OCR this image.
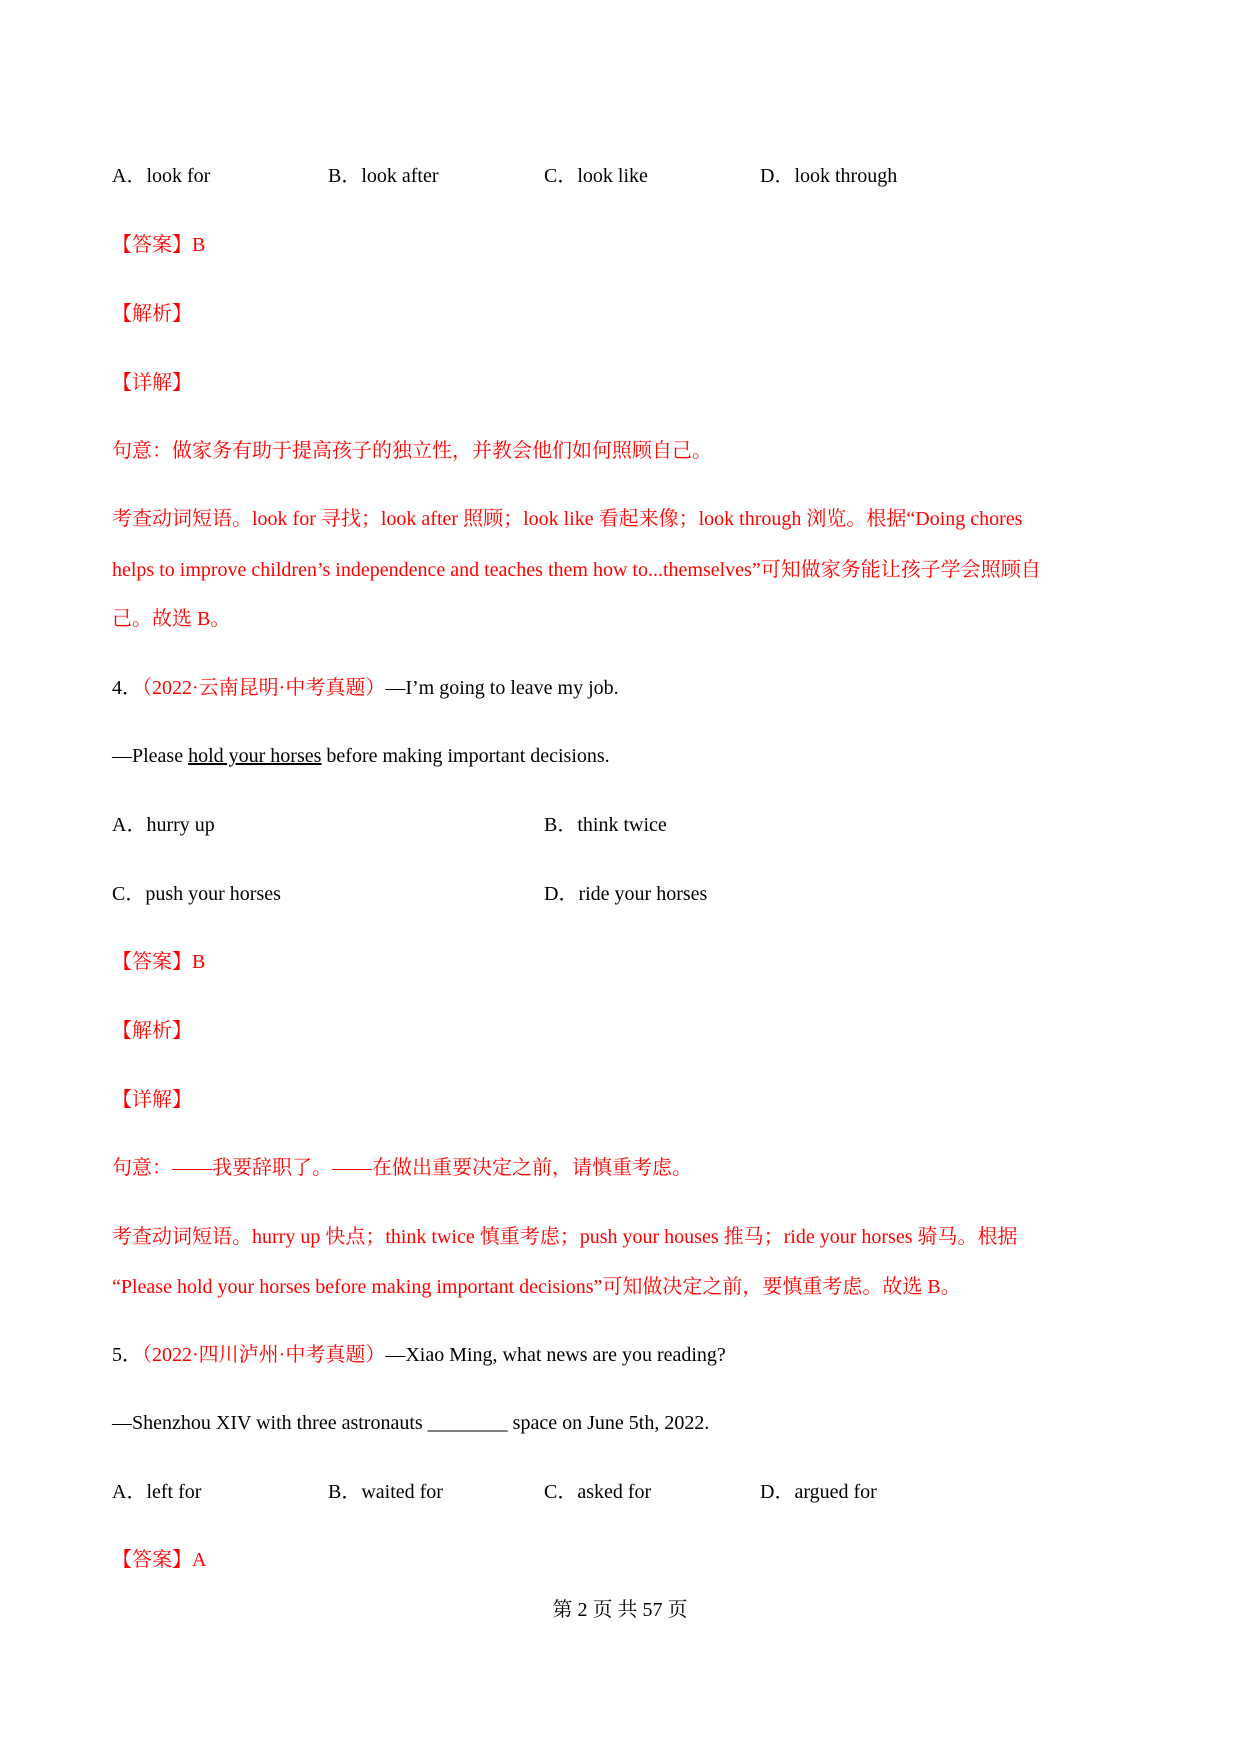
A．look for	B．look after	C．look like	D．look through
【答案】B
【解析】
【详解】
句意：做家务有助于提高孩子的独立性，并教会他们如何照顾自己。
考查动词短语。look for 寻找；look after 照顾；look like 看起来像；look through 浏览。根据“Doing chores
helps to improve children’s independence and teaches them how to...themselves”可知做家务能让孩子学会照顾自
己。故选 B。
4．（2022·云南昆明·中考真题）—I’m going to leave my job.
—Please hold your horses before making important decisions.
A．hurry up	B．think twice
C．push your horses	D．ride your horses
【答案】B
【解析】
【详解】
句意：——我要辞职了。——在做出重要决定之前，请慎重考虑。
考查动词短语。hurry up 快点；think twice 慎重考虑；push your houses 推马；ride your horses 骑马。根据
“Please hold your horses before making important decisions”可知做决定之前，要慎重考虑。故选 B。
5．（2022·四川泸州·中考真题）—Xiao Ming, what news are you reading?
—Shenzhou XIV with three astronauts ________ space on June 5th, 2022.
A．left for	B．waited for	C．asked for	D．argued for
【答案】A
第 2 页 共 57 页
